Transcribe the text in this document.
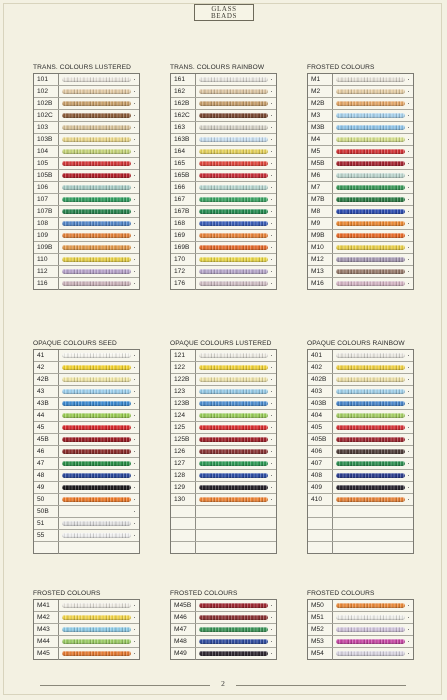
GLASS
BEADS
TRANS. COLOURS LUSTERED
101
102
102B
102C
103
103B
104
105
105B
106
107
107B
108
109
109B
110
112
116
TRANS. COLOURS RAINBOW
161
162
162B
162C
163
163B
164
165
165B
166
167
167B
168
169
169B
170
172
176
FROSTED COLOURS
M1
M2
M2B
M3
M3B
M4
M5
M5B
M6
M7
M7B
M8
M9
M9B
M10
M12
M13
M16
OPAQUE COLOURS SEED
41
42
42B
43
43B
44
45
45B
46
47
48
49
50
50B
51
55
OPAQUE COLOURS LUSTERED
121
122
122B
123
123B
124
125
125B
126
127
128
129
130
OPAQUE COLOURS RAINBOW
401
402
402B
403
403B
404
405
405B
406
407
408
409
410
FROSTED COLOURS
M41
M42
M43
M44
M45
FROSTED COLOURS
M45B
M46
M47
M48
M49
FROSTED COLOURS
M50
M51
M52
M53
M54
2
